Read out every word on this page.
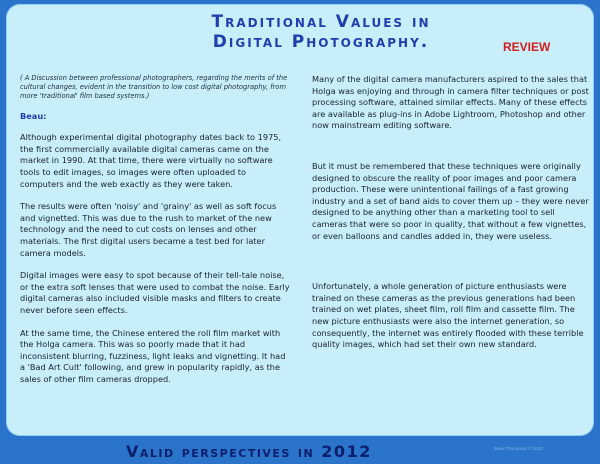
Traditional Values in
Digital Photography.	REVIEW

( A Discussion between professional photographers, regarding the merits of the cultural changes, evident in the transition to low cost digital photography, from more 'traditional' film based systems.)

Beau:

Although experimental digital photography dates back to 1975, the first commercially available digital cameras came on the market in 1990. At that time, there were virtually no software tools to edit images, so images were often uploaded to computers and the web exactly as they were taken.

The results were often 'noisy' and 'grainy' as well as soft focus and vignetted. This was due to the rush to market of the new technology and the need to cut costs on lenses and other materials. The first digital users became a test bed for later camera models.

Digital images were easy to spot because of their tell-tale noise, or the extra soft lenses that were used to combat the noise. Early digital cameras also included visible masks and filters to create never before seen effects.

At the same time, the Chinese entered the roll film market with the Holga camera. This was so poorly made that it had inconsistent blurring, fuzziness, light leaks and vignetting. It had a 'Bad Art Cult' following, and grew in popularity rapidly, as the sales of other film cameras dropped.

Many of the digital camera manufacturers aspired to the sales that Holga was enjoying and through in camera filter techniques or post processing software, attained similar effects. Many of these effects are available as plug-ins in Adobe Lightroom, Photoshop and other now mainstream editing software.

But it must be remembered that these techniques were originally designed to obscure the reality of poor images and poor camera production. These were unintentional failings of a fast growing industry and a set of band aids to cover them up – they were never designed to be anything other than a marketing tool to sell cameras that were so poor in quality, that without a few vignettes, or even balloons and candles added in, they were useless.

Unfortunately, a whole generation of picture enthusiasts were trained on these cameras as the previous generations had been trained on wet plates, sheet film, roll film and cassette film. The new picture enthusiasts were also the internet generation, so consequently, the internet was entirely flooded with these terrible quality images, which had set their own new standard.

Valid perspectives in 2012	Beau Thompson © 2012
